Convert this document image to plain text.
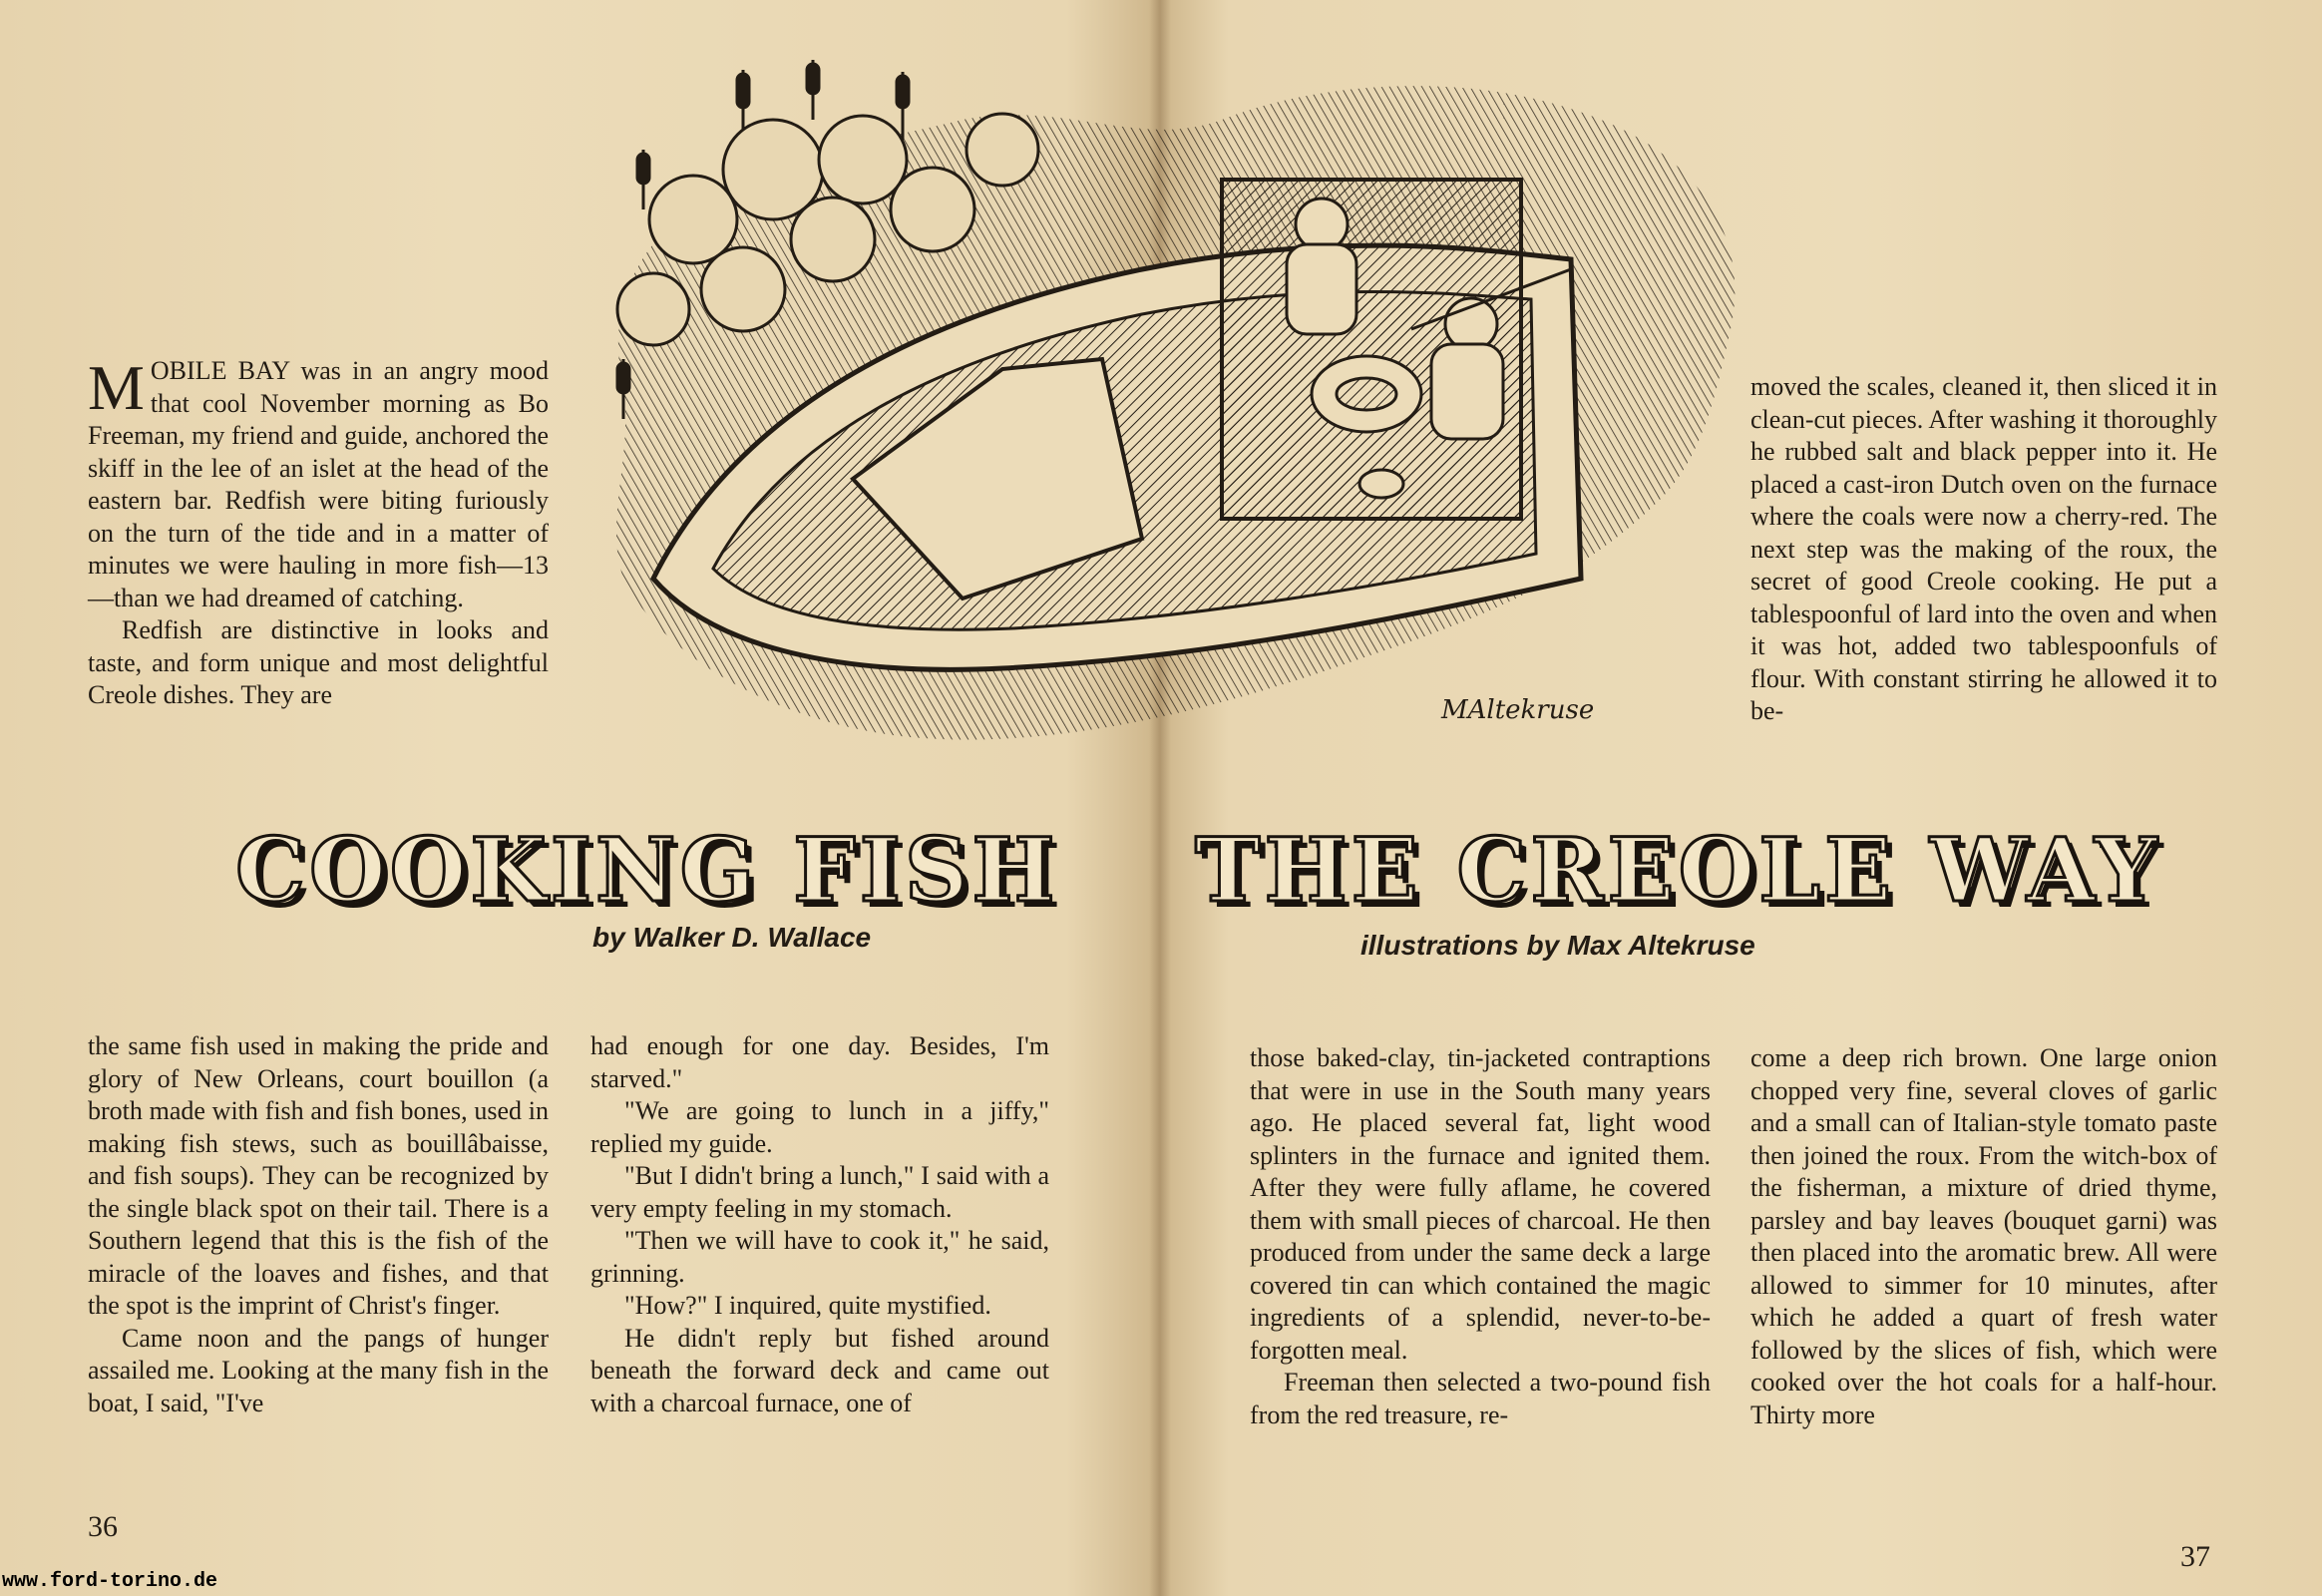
MAltekruse

MOBILE BAY was in an angry mood that cool November morning as Bo Freeman, my friend and guide, anchored the skiff in the lee of an islet at the head of the eastern bar. Redfish were biting furiously on the turn of the tide and in a matter of minutes we were hauling in more fish—13—than we had dreamed of catching.

Redfish are distinctive in looks and taste, and form unique and most delightful Creole dishes. They are

COOKING FISH THE CREOLE WAY
by Walker D. Wallace	illustrations by Max Altekruse

the same fish used in making the pride and glory of New Orleans, court bouillon (a broth made with fish and fish bones, used in making fish stews, such as bouillâbaisse, and fish soups). They can be recognized by the single black spot on their tail. There is a Southern legend that this is the fish of the miracle of the loaves and fishes, and that the spot is the imprint of Christ's finger.

Came noon and the pangs of hunger assailed me. Looking at the many fish in the boat, I said, "I've

had enough for one day. Besides, I'm starved."

"We are going to lunch in a jiffy," replied my guide.

"But I didn't bring a lunch," I said with a very empty feeling in my stomach.

"Then we will have to cook it," he said, grinning.

"How?" I inquired, quite mystified.

He didn't reply but fished around beneath the forward deck and came out with a charcoal furnace, one of

moved the scales, cleaned it, then sliced it in clean-cut pieces. After washing it thoroughly he rubbed salt and black pepper into it. He placed a cast-iron Dutch oven on the furnace where the coals were now a cherry-red. The next step was the making of the roux, the secret of good Creole cooking. He put a tablespoonful of lard into the oven and when it was hot, added two tablespoonfuls of flour. With constant stirring he allowed it to be-

those baked-clay, tin-jacketed contraptions that were in use in the South many years ago. He placed several fat, light wood splinters in the furnace and ignited them. After they were fully aflame, he covered them with small pieces of charcoal. He then produced from under the same deck a large covered tin can which contained the magic ingredients of a splendid, never-to-be-forgotten meal.

Freeman then selected a two-pound fish from the red treasure, re-

come a deep rich brown. One large onion chopped very fine, several cloves of garlic and a small can of Italian-style tomato paste then joined the roux. From the witch-box of the fisherman, a mixture of dried thyme, parsley and bay leaves (bouquet garni) was then placed into the aromatic brew. All were allowed to simmer for 10 minutes, after which he added a quart of fresh water followed by the slices of fish, which were cooked over the hot coals for a half-hour. Thirty more

36
37
www.ford-torino.de
